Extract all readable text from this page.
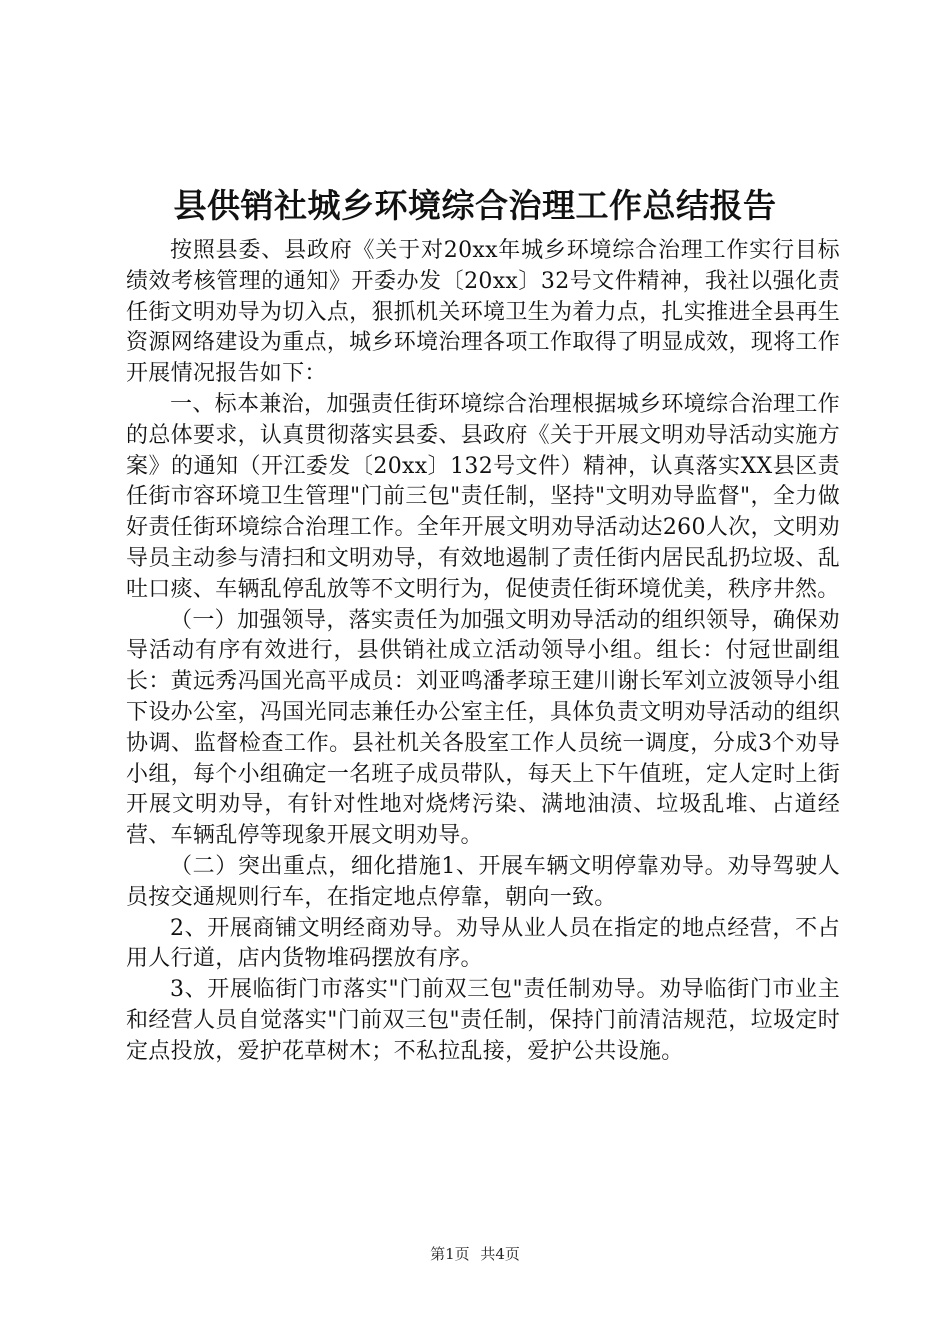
县供销社城乡环境综合治理工作总结报告

按照县委、县政府《关于对20xx年城乡环境综合治理工作实行目标绩效考核管理的通知》开委办发〔20xx〕32号文件精神，我社以强化责任街文明劝导为切入点，狠抓机关环境卫生为着力点，扎实推进全县再生资源网络建设为重点，城乡环境治理各项工作取得了明显成效，现将工作开展情况报告如下：

一、标本兼治，加强责任街环境综合治理根据城乡环境综合治理工作的总体要求，认真贯彻落实县委、县政府《关于开展文明劝导活动实施方案》的通知（开江委发〔20xx〕132号文件）精神，认真落实XX县区责任街市容环境卫生管理"门前三包"责任制，坚持"文明劝导监督"，全力做好责任街环境综合治理工作。全年开展文明劝导活动达260人次，文明劝导员主动参与清扫和文明劝导，有效地遏制了责任街内居民乱扔垃圾、乱吐口痰、车辆乱停乱放等不文明行为，促使责任街环境优美，秩序井然。

（一）加强领导，落实责任为加强文明劝导活动的组织领导，确保劝导活动有序有效进行，县供销社成立活动领导小组。组长：付冠世副组长：黄远秀冯国光高平成员：刘亚鸣潘孝琼王建川谢长军刘立波领导小组下设办公室，冯国光同志兼任办公室主任，具体负责文明劝导活动的组织协调、监督检查工作。县社机关各股室工作人员统一调度，分成3个劝导小组，每个小组确定一名班子成员带队，每天上下午值班，定人定时上街开展文明劝导，有针对性地对烧烤污染、满地油渍、垃圾乱堆、占道经营、车辆乱停等现象开展文明劝导。

（二）突出重点，细化措施1、开展车辆文明停靠劝导。劝导驾驶人员按交通规则行车，在指定地点停靠，朝向一致。

2、开展商铺文明经商劝导。劝导从业人员在指定的地点经营，不占用人行道，店内货物堆码摆放有序。

3、开展临街门市落实"门前双三包"责任制劝导。劝导临街门市业主和经营人员自觉落实"门前双三包"责任制，保持门前清洁规范，垃圾定时定点投放，爱护花草树木；不私拉乱接，爱护公共设施。

第1页 共4页
